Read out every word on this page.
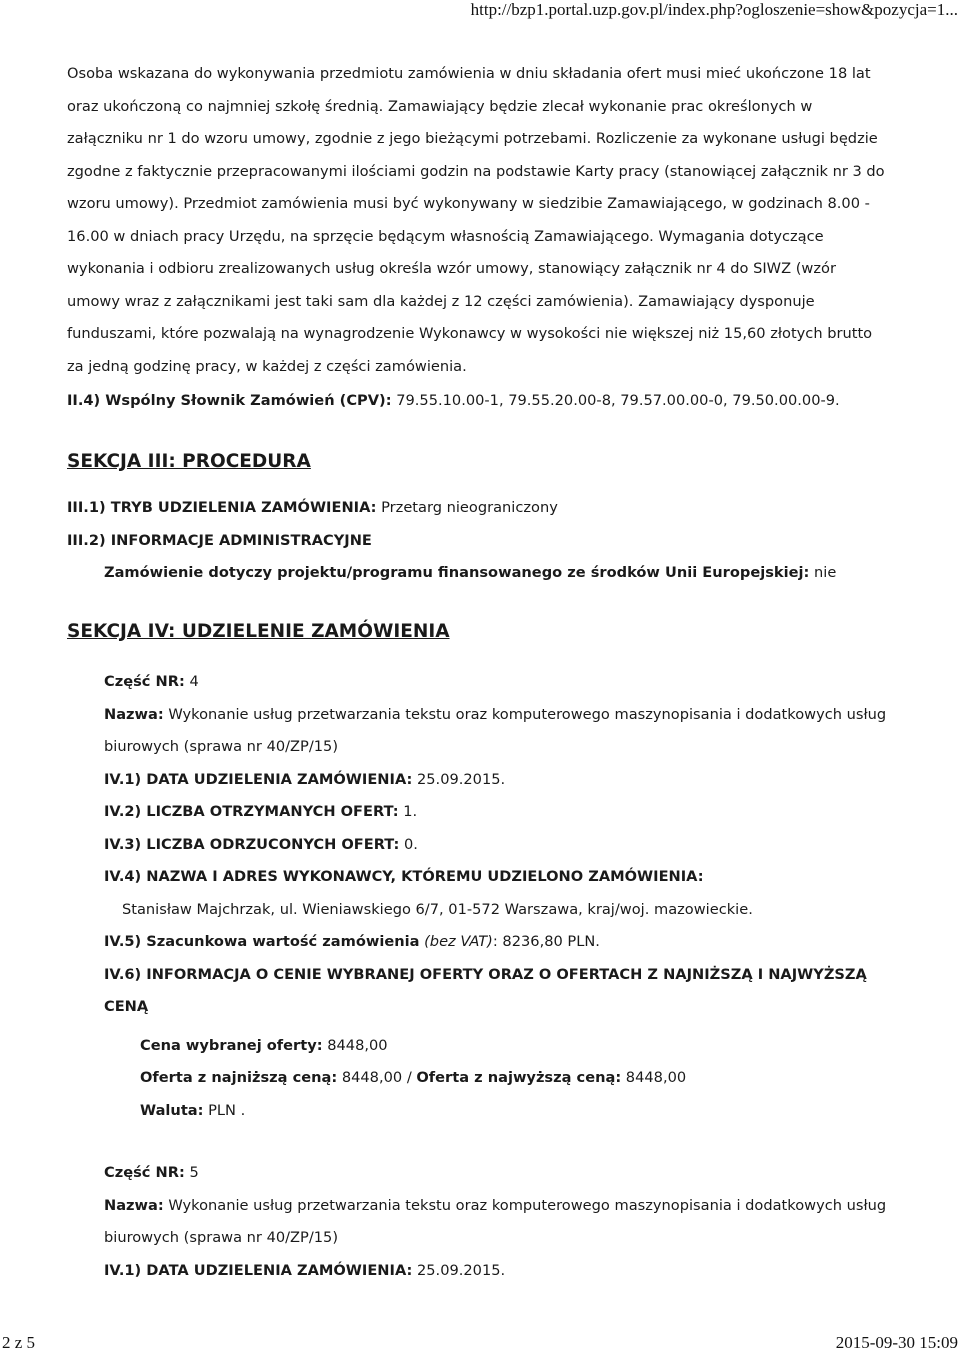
http://bzp1.portal.uzp.gov.pl/index.php?ogloszenie=show&pozycja=1...

Osoba wskazana do wykonywania przedmiotu zamówienia w dniu składania ofert musi mieć ukończone 18 lat oraz ukończoną co najmniej szkołę średnią. Zamawiający będzie zlecał wykonanie prac określonych w załączniku nr 1 do wzoru umowy, zgodnie z jego bieżącymi potrzebami. Rozliczenie za wykonane usługi będzie zgodne z faktycznie przepracowanymi ilościami godzin na podstawie Karty pracy (stanowiącej załącznik nr 3 do wzoru umowy). Przedmiot zamówienia musi być wykonywany w siedzibie Zamawiającego, w godzinach 8.00 - 16.00 w dniach pracy Urzędu, na sprzęcie będącym własnością Zamawiającego. Wymagania dotyczące wykonania i odbioru zrealizowanych usług określa wzór umowy, stanowiący załącznik nr 4 do SIWZ (wzór umowy wraz z załącznikami jest taki sam dla każdej z 12 części zamówienia). Zamawiający dysponuje funduszami, które pozwalają na wynagrodzenie Wykonawcy w wysokości nie większej niż 15,60 złotych brutto za jedną godzinę pracy, w każdej z części zamówienia.

II.4) Wspólny Słownik Zamówień (CPV): 79.55.10.00-1, 79.55.20.00-8, 79.57.00.00-0, 79.50.00.00-9.

SEKCJA III: PROCEDURA

III.1) TRYB UDZIELENIA ZAMÓWIENIA: Przetarg nieograniczony

III.2) INFORMACJE ADMINISTRACYJNE

Zamówienie dotyczy projektu/programu finansowanego ze środków Unii Europejskiej: nie

SEKCJA IV: UDZIELENIE ZAMÓWIENIA

Część NR: 4

Nazwa: Wykonanie usług przetwarzania tekstu oraz komputerowego maszynopisania i dodatkowych usług biurowych (sprawa nr 40/ZP/15)

IV.1) DATA UDZIELENIA ZAMÓWIENIA: 25.09.2015.

IV.2) LICZBA OTRZYMANYCH OFERT: 1.

IV.3) LICZBA ODRZUCONYCH OFERT: 0.

IV.4) NAZWA I ADRES WYKONAWCY, KTÓREMU UDZIELONO ZAMÓWIENIA:

Stanisław Majchrzak, ul. Wieniawskiego 6/7, 01-572 Warszawa, kraj/woj. mazowieckie.

IV.5) Szacunkowa wartość zamówienia (bez VAT): 8236,80 PLN.

IV.6) INFORMACJA O CENIE WYBRANEJ OFERTY ORAZ O OFERTACH Z NAJNIŻSZĄ I NAJWYŻSZĄ CENĄ

Cena wybranej oferty: 8448,00

Oferta z najniższą ceną: 8448,00 / Oferta z najwyższą ceną: 8448,00

Waluta: PLN .

Część NR: 5

Nazwa: Wykonanie usług przetwarzania tekstu oraz komputerowego maszynopisania i dodatkowych usług biurowych (sprawa nr 40/ZP/15)

IV.1) DATA UDZIELENIA ZAMÓWIENIA: 25.09.2015.

2 z 5	2015-09-30 15:09
